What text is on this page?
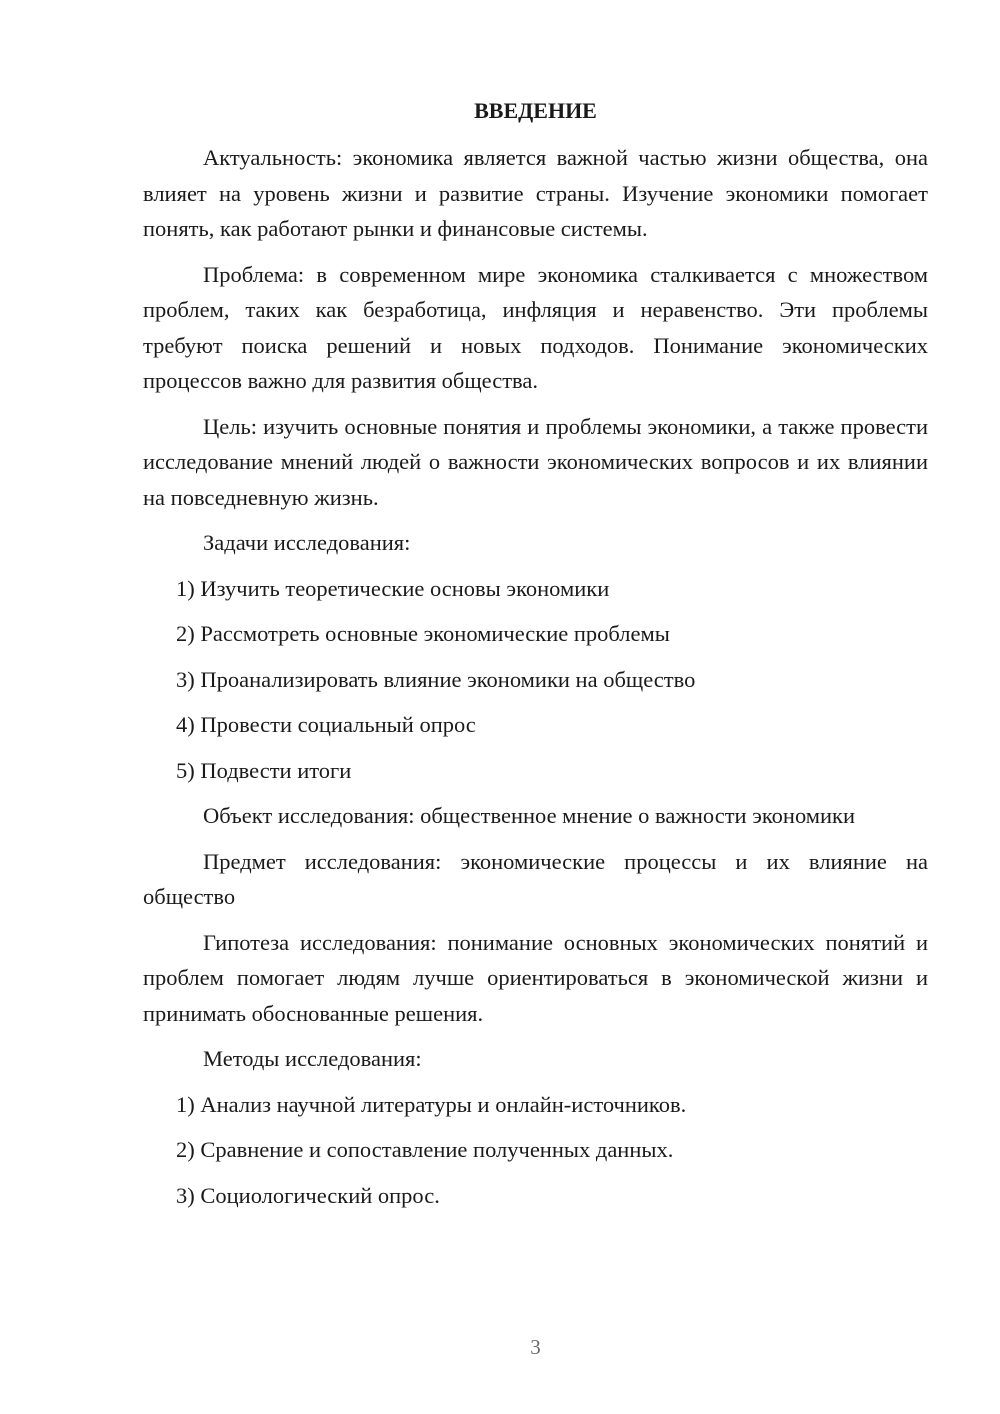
ВВЕДЕНИЕ

Актуальность: экономика является важной частью жизни общества, она влияет на уровень жизни и развитие страны. Изучение экономики помогает понять, как работают рынки и финансовые системы.

Проблема: в современном мире экономика сталкивается с множеством проблем, таких как безработица, инфляция и неравенство. Эти проблемы требуют поиска решений и новых подходов. Понимание экономических процессов важно для развития общества.

Цель: изучить основные понятия и проблемы экономики, а также провести исследование мнений людей о важности экономических вопросов и их влиянии на повседневную жизнь.

Задачи исследования:

1) Изучить теоретические основы экономики

2) Рассмотреть основные экономические проблемы

3) Проанализировать влияние экономики на общество

4) Провести социальный опрос

5) Подвести итоги

Объект исследования: общественное мнение о важности экономики

Предмет исследования: экономические процессы и их влияние на общество

Гипотеза исследования: понимание основных экономических понятий и проблем помогает людям лучше ориентироваться в экономической жизни и принимать обоснованные решения.

Методы исследования:

1) Анализ научной литературы и онлайн-источников.

2) Сравнение и сопоставление полученных данных.

3) Социологический опрос.

3
